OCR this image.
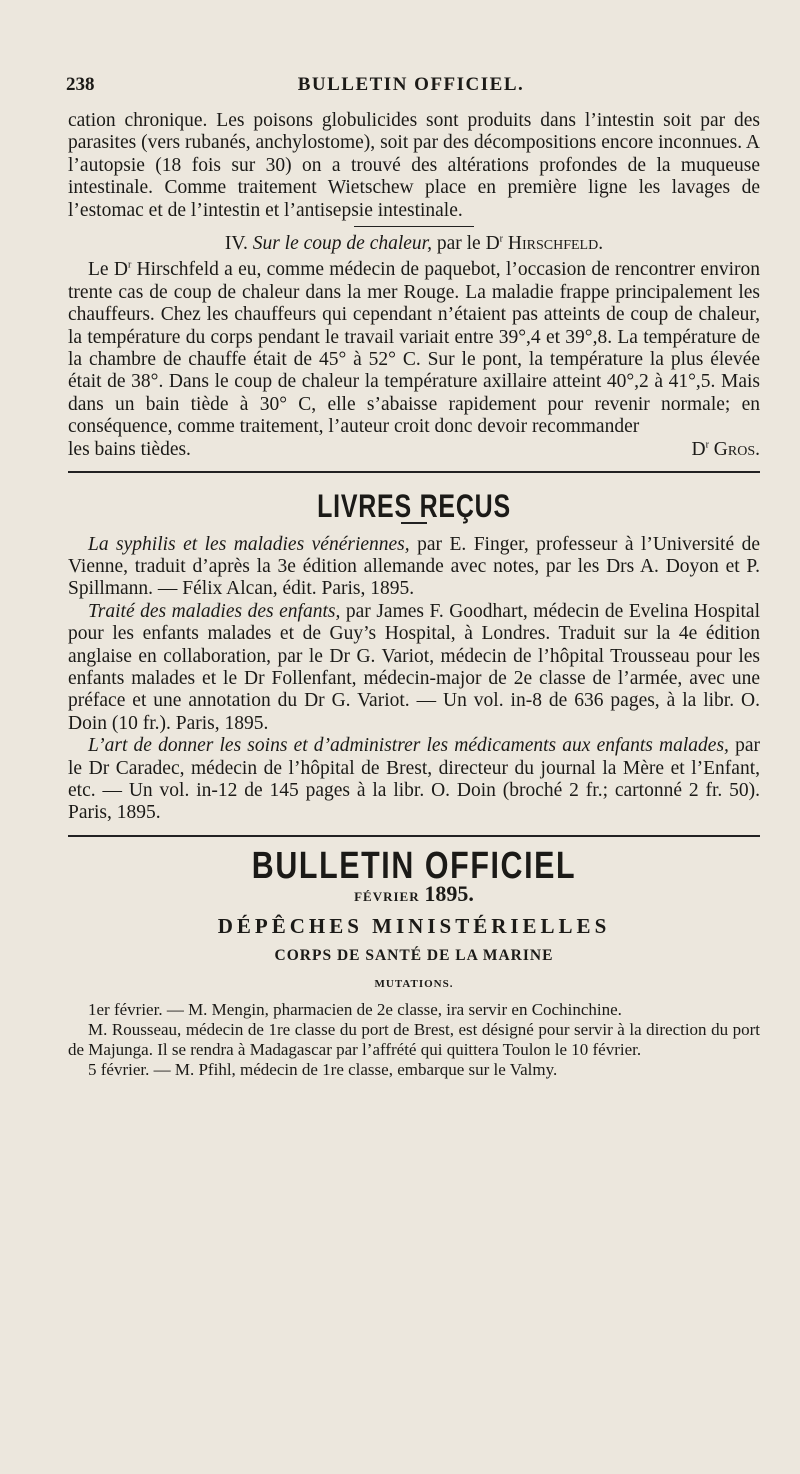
238	BULLETIN OFFICIEL.

cation chronique. Les poisons globulicides sont produits dans l’intestin soit par des parasites (vers rubanés, anchylostome), soit par des décompositions encore inconnues. A l’autopsie (18 fois sur 30) on a trouvé des altérations profondes de la muqueuse intestinale. Comme traitement Wietschew place en première ligne les lavages de l’estomac et de l’intestin et l’antisepsie intestinale.

IV. Sur le coup de chaleur, par le $D^r$ Hirschfeld.

Le $D^r$ Hirschfeld a eu, comme médecin de paquebot, l’occasion de rencontrer environ trente cas de coup de chaleur dans la mer Rouge. La maladie frappe principalement les chauffeurs. Chez les chauffeurs qui cependant n’étaient pas atteints de coup de chaleur, la température du corps pendant le travail variait entre 39°,4 et 39°,8. La température de la chambre de chauffe était de 45° à 52° C. Sur le pont, la température la plus élevée était de 38°. Dans le coup de chaleur la température axillaire atteint 40°,2 à 41°,5. Mais dans un bain tiède à 30° C, elle s’abaisse rapidement pour revenir normale; en conséquence, comme traitement, l’auteur croit donc devoir recommander

les bains tièdes.	$D^r$ Gros.
LIVRES REÇUS

La syphilis et les maladies vénériennes, par E. Finger, professeur à l’Université de Vienne, traduit d’après la 3e édition allemande avec notes, par les Drs A. Doyon et P. Spillmann. — Félix Alcan, édit. Paris, 1895.

Traité des maladies des enfants, par James F. Goodhart, médecin de Evelina Hospital pour les enfants malades et de Guy’s Hospital, à Londres. Traduit sur la 4e édition anglaise en collaboration, par le Dr G. Variot, médecin de l’hôpital Trousseau pour les enfants malades et le Dr Follenfant, médecin-major de 2e classe de l’armée, avec une préface et une annotation du Dr G. Variot. — Un vol. in-8 de 636 pages, à la libr. O. Doin (10 fr.). Paris, 1895.

L’art de donner les soins et d’administrer les médicaments aux enfants malades, par le Dr Caradec, médecin de l’hôpital de Brest, directeur du journal la Mère et l’Enfant, etc. — Un vol. in-12 de 145 pages à la libr. O. Doin (broché 2 fr.; cartonné 2 fr. 50). Paris, 1895.

BULLETIN OFFICIEL
FÉVRIER 1895.
DÉPÊCHES MINISTÉRIELLES
CORPS DE SANTÉ DE LA MARINE
MUTATIONS.

1er février. — M. Mengin, pharmacien de 2e classe, ira servir en Cochinchine.

M. Rousseau, médecin de 1re classe du port de Brest, est désigné pour servir à la direction du port de Majunga. Il se rendra à Madagascar par l’affrété qui quittera Toulon le 10 février.

5 février. — M. Pfihl, médecin de 1re classe, embarque sur le Valmy.
